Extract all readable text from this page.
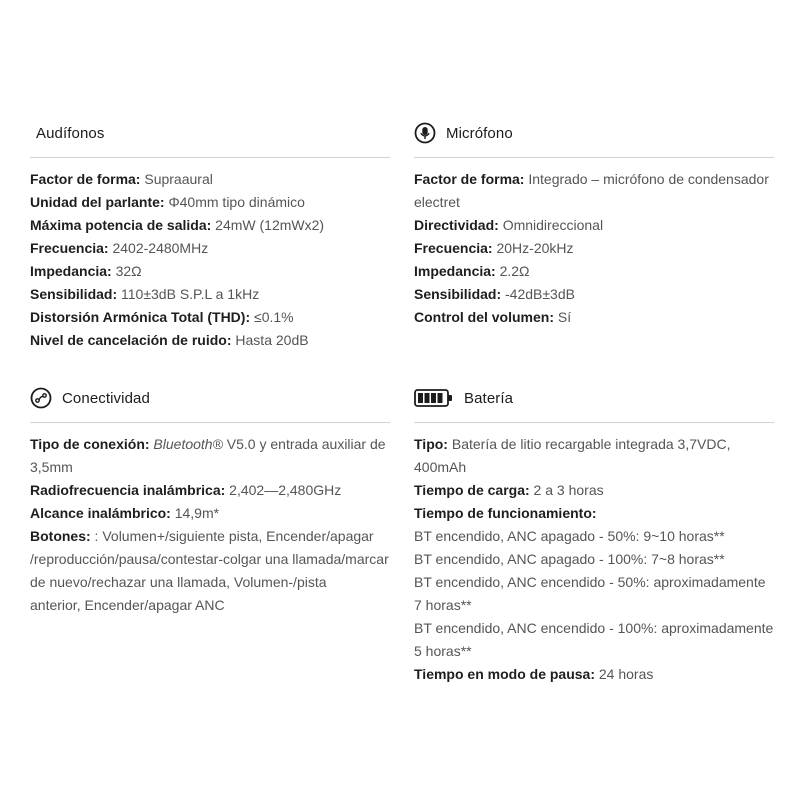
Audífonos
Factor de forma: Supraaural
Unidad del parlante: Φ40mm tipo dinámico
Máxima potencia de salida: 24mW (12mWx2)
Frecuencia: 2402-2480MHz
Impedancia: 32Ω
Sensibilidad: 110±3dB S.P.L a 1kHz
Distorsión Armónica Total (THD): ≤0.1%
Nivel de cancelación de ruido: Hasta 20dB
Micrófono
Factor de forma: Integrado – micrófono de condensador
electret
Directividad: Omnidireccional
Frecuencia: 20Hz-20kHz
Impedancia: 2.2Ω
Sensibilidad: -42dB±3dB
Control del volumen: Sí
Conectividad
Tipo de conexión: Bluetooth® V5.0 y entrada auxiliar de
3,5mm
Radiofrecuencia inalámbrica: 2,402—2,480GHz
Alcance inalámbrico: 14,9m*
Botones: : Volumen+/siguiente pista, Encender/apagar
/reproducción/pausa/contestar-colgar una llamada/marcar
de nuevo/rechazar una llamada, Volumen-/pista
anterior, Encender/apagar ANC
Batería
Tipo: Batería de litio recargable integrada 3,7VDC, 400mAh
Tiempo de carga: 2 a 3 horas
Tiempo de funcionamiento:
BT encendido, ANC apagado - 50%: 9~10 horas**
BT encendido, ANC apagado - 100%: 7~8 horas**
BT encendido, ANC encendido - 50%: aproximadamente
7 horas**
BT encendido, ANC encendido - 100%: aproximadamente
5 horas**
Tiempo en modo de pausa: 24 horas
